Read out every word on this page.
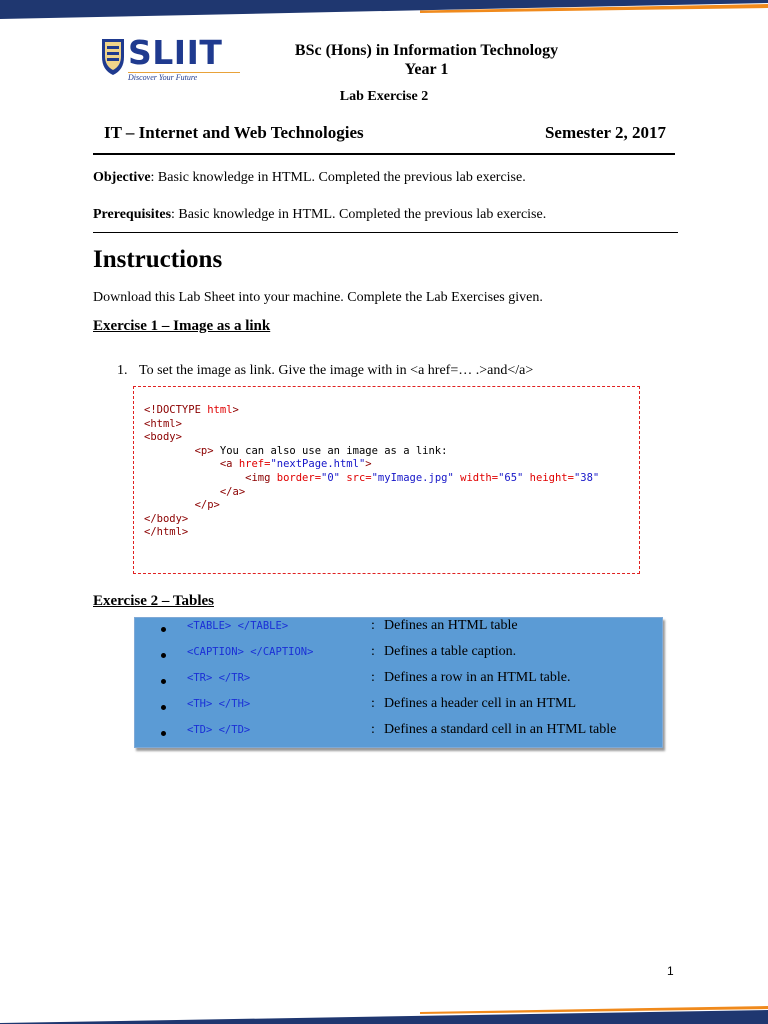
SLIIT
Discover Your Future
BSc (Hons) in Information Technology
Year 1
Lab Exercise 2
IT – Internet and Web Technologies	Semester 2, 2017
Objective: Basic knowledge in HTML. Completed the previous lab exercise.
Prerequisites: Basic knowledge in HTML. Completed the previous lab exercise.
Instructions
Download this Lab Sheet into your machine. Complete the Lab Exercises given.
Exercise 1 – Image as a link
1. To set the image as link. Give the image with in <a href=… .>and</a>
<!DOCTYPE html>
<html>
<body>
<p> You can also use an image as a link:
<a href="nextPage.html">
<img border="0" src="myImage.jpg" width="65" height="38"
</a>
</p>
</body>
</html>
Exercise 2 – Tables
<TABLE> </TABLE>	: Defines an HTML table
<CAPTION> </CAPTION>	: Defines a table caption.
<TR> </TR>	: Defines a row in an HTML table.
<TH> </TH>	: Defines a header cell in an HTML
<TD> </TD>	: Defines a standard cell in an HTML table
1
